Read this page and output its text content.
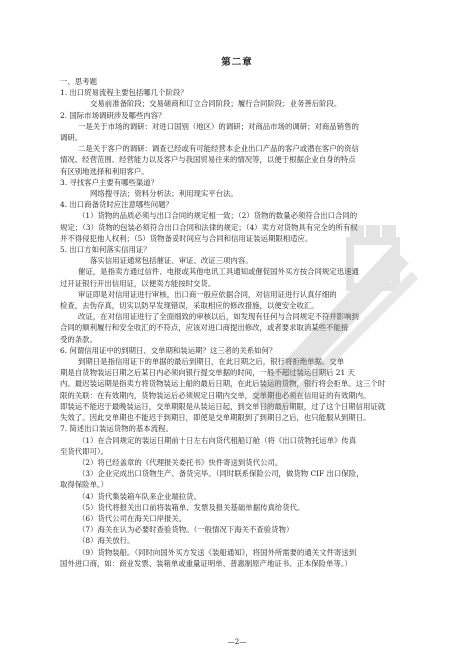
第二章
一、思考题
1. 出口贸易流程主要包括哪几个阶段？
交易前准备阶段；交易磋商和订立合同阶段；履行合同阶段；业务善后阶段。
2. 国际市场调研涉及哪些内容？
一是关于市场的调研：对进口国别（地区）的调研；对商品市场的调研；对商品销售的
调研。
二是关于客户的调研：调查已经或有可能经营本企业出口产品的客户或潜在客户的资信
情况、经营范围、经营能力以及客户与我国贸易往来的情况等，以便于根据企业自身的特点
有区别地选择和利用客户。
3. 寻找客户主要有哪些渠道？
网络搜寻法；资料分析法；利用现实平台法。
4. 出口商备货时应注意哪些问题？
（1）货物的品质必须与出口合同的规定相一致；（2）货物的数量必须符合出口合同的
规定；（3）货物的包装必须符合出口合同和法律的规定；（4）卖方对货物具有完全的所有权
并不得侵犯他人权利；（5）货物备妥时间应与合同和信用证装运期限相适应。
5. 出口方如何落实信用证？
落实信用证通常包括催证、审证、改证三项内容。
催证，是指卖方通过信件、电报或其他电讯工具通知或催促国外买方按合同规定迅速通
过开证银行开出信用证，以便卖方能按时交货。
审证即是对信用证进行审核，出口商一般应依据合同，对信用证进行认真仔细的
检查，去伪存真，切实以防早发现错误，采取相应的修改措施，以便安全收汇。
改证，在对信用证进行了全面细致的审核以后，如发现有任何与合同规定不符并影响到
合同的顺利履行和安全收汇的不符点，应该对进口商提出修改，或者要求取消某些不能接
受的条款。
6. 何谓信用证中的到期日、交单期和装运期？这三者的关系如何？
到期日是指信用证下的单据的最后到期日，在此日期之后，银行将拒绝单据。交单
期是自货物装运日期之后某日内必须向银行提交单据的时间，一般不超过装运日期后 21 天
内。最迟装运期是指卖方将货物装运上船的最后日期，在此后装运的货物，银行将会拒单。这三个时
限的关联：在有效期内，货物装运后必须规定日期内交单，交单期也必须在信用证的有效期内。
即装运不能迟于最晚装运日，交单期限是从装运日起，到交单日的最后期限，过了这个日期信用证就
失效了。因此交单期也不能迟于到期日，即使是交单期限到了到期日之后，也只能服从到期日。
7. 简述出口装运货物的基本流程。
（1）在合同规定的装运日期前十日左右向货代租船订舱（将《出口货物托运单》传真
至货代即可）。
（2）将已经盖章的《代理报关委托书》快件寄送到货代公司。
（3）企业完成出口货物生产、备货完毕。（同时联系保险公司，做货物 CIF 出口保险，
取得保险单。）
（4）货代集装箱车队来企业端拉货。
（5）货代将报关出口前将装箱单、发票及报关基础单据传真给货代。
（6）货代公司在海关口岸报关。
（7）海关在认为必要时查验货物。（一般情况下海关不查验货物）
（8）海关放行。
（9）货物装船。（同时向国外买方发送《装船通知》，将国外所需要的通关文件寄送到
国外进口商，如：商业发票、装箱单或重量证明单、普惠制原产地证书、正本保险单等。）
—2—
